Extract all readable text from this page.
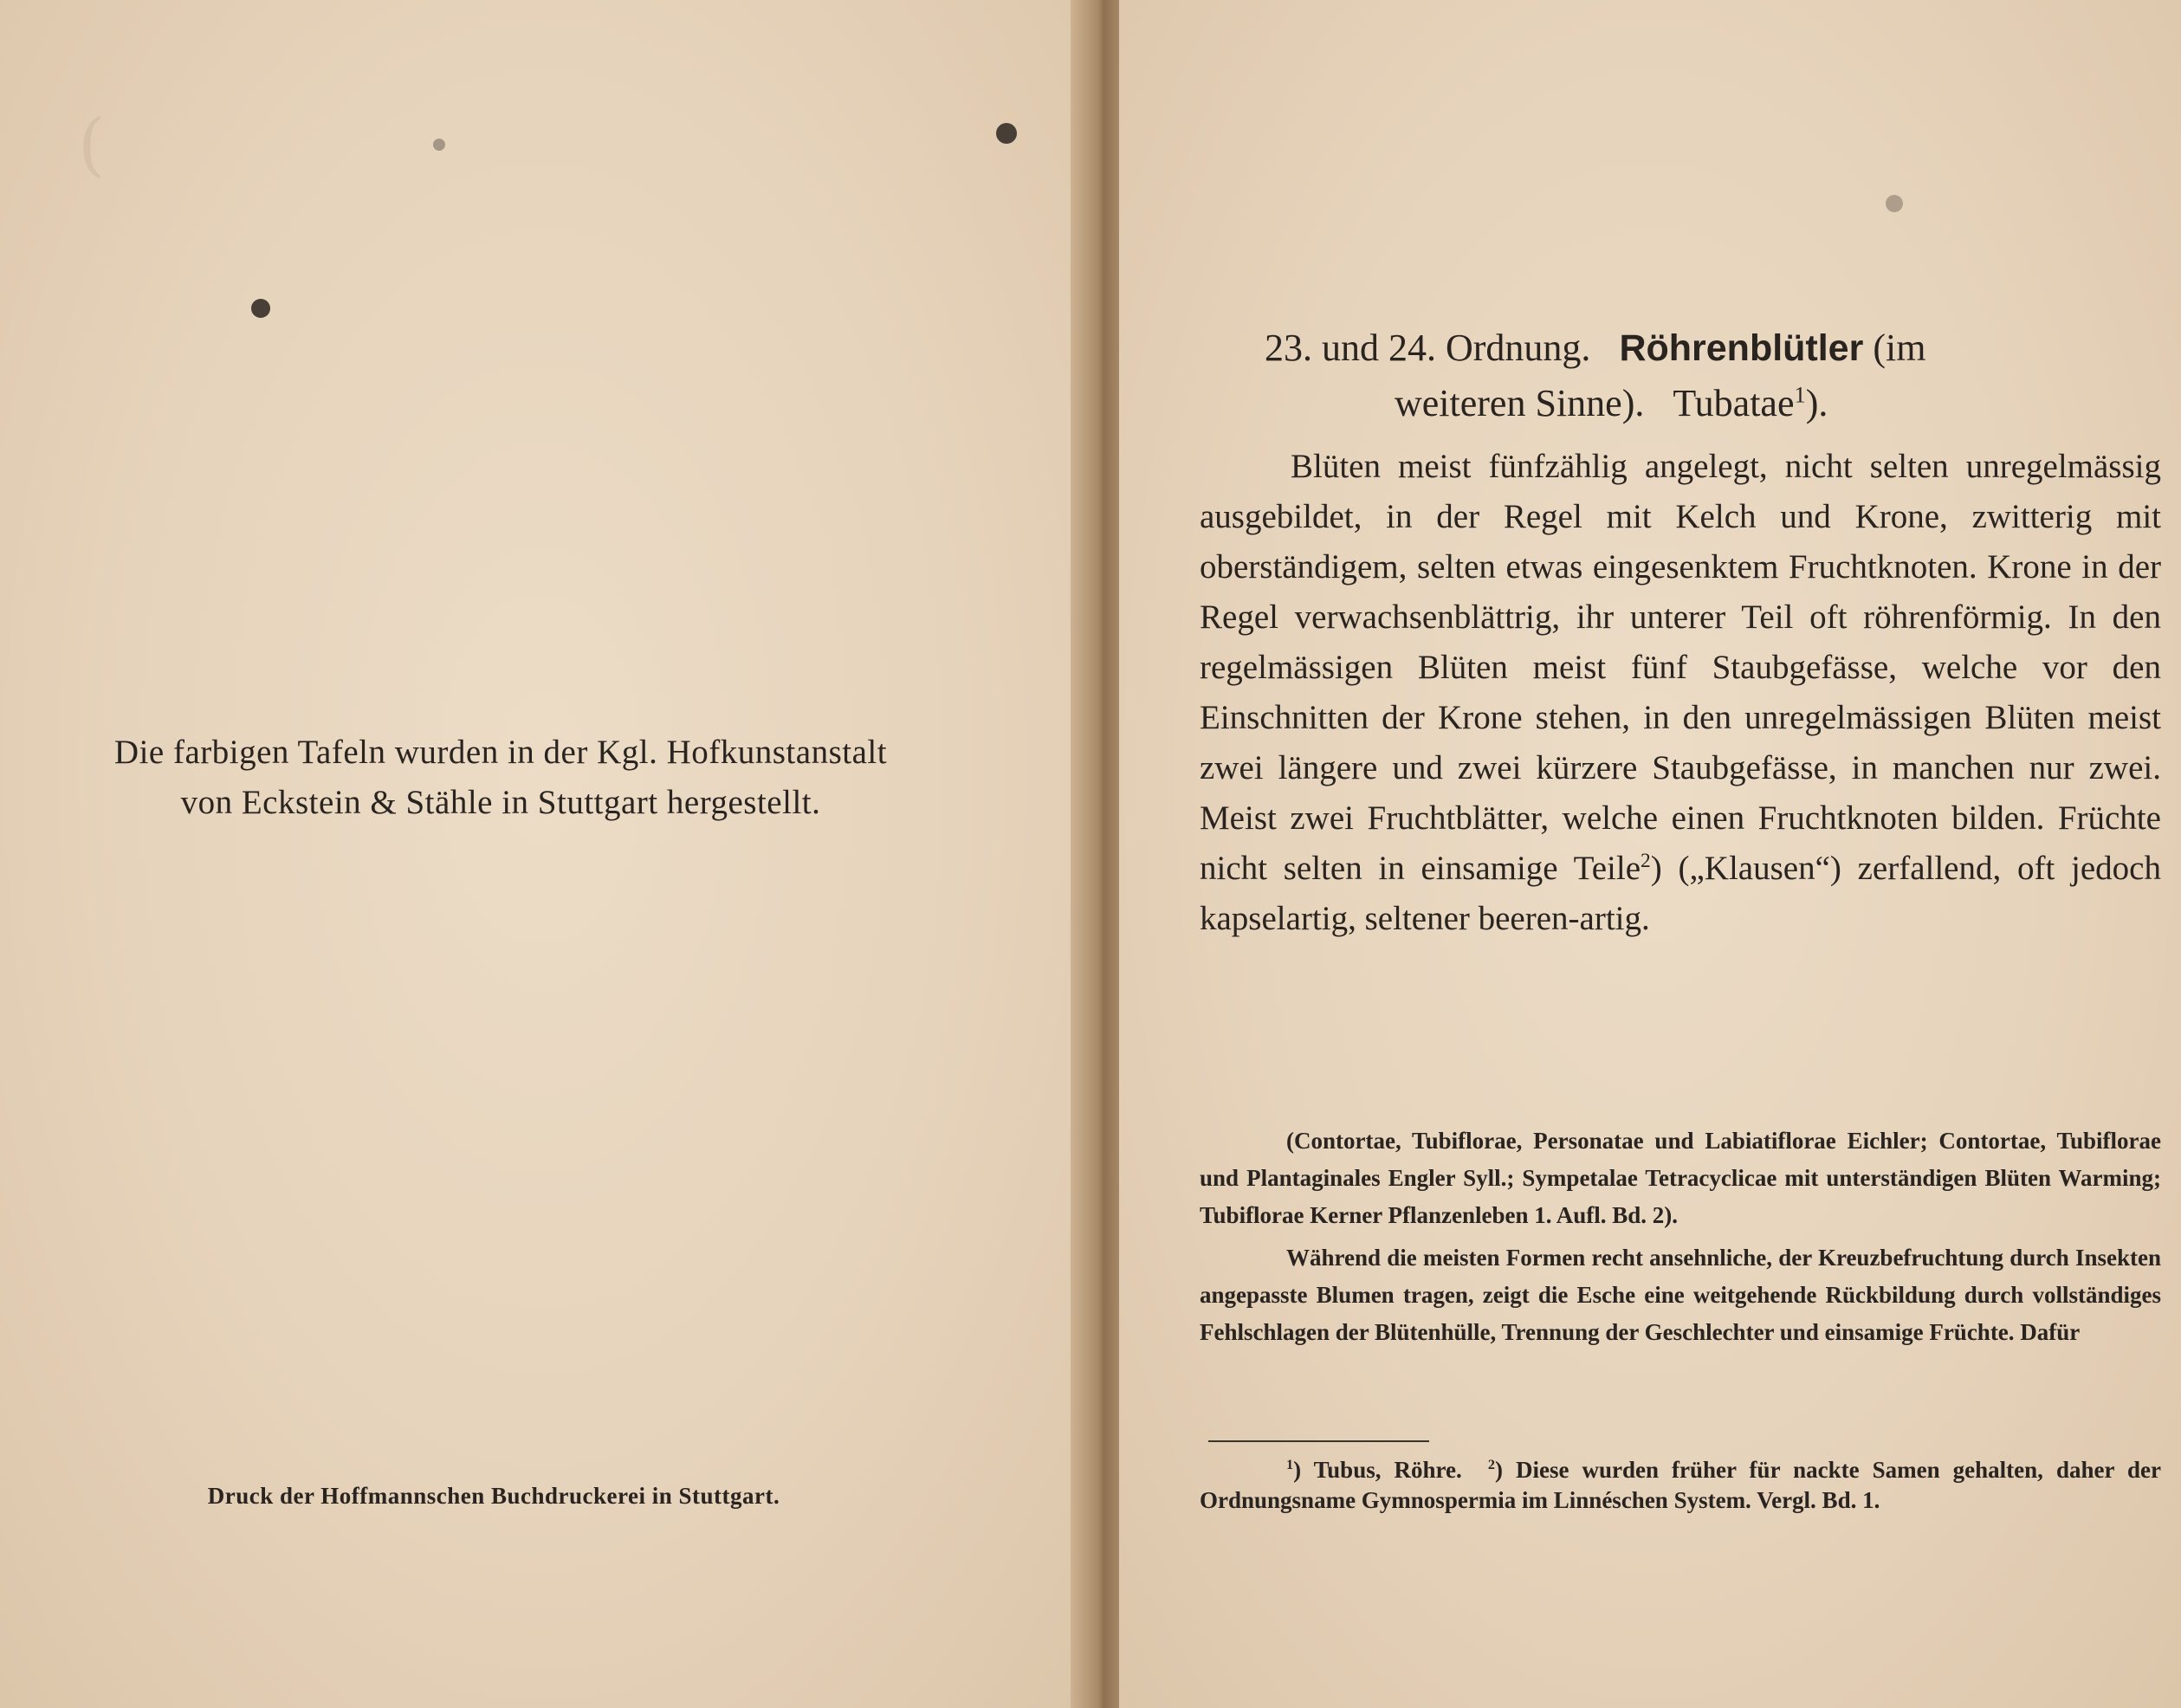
(
Die farbigen Tafeln wurden in der Kgl. Hofkunstanstalt
von Eckstein & Stähle in Stuttgart hergestellt.
Druck der Hoffmannschen Buchdruckerei in Stuttgart.
23. und 24. Ordnung. Röhrenblütler (im
weiteren Sinne). Tubatae$^1$).
Blüten meist fünfzählig angelegt, nicht selten unregelmässig ausgebildet, in der Regel mit Kelch und Krone, zwitterig mit oberständigem, selten etwas eingesenktem Fruchtknoten. Krone in der Regel verwachsenblättrig, ihr unterer Teil oft röhrenförmig. In den regelmässigen Blüten meist fünf Staubgefässe, welche vor den Einschnitten der Krone stehen, in den unregelmässigen Blüten meist zwei längere und zwei kürzere Staubgefässe, in manchen nur zwei. Meist zwei Fruchtblätter, welche einen Fruchtknoten bilden. Früchte nicht selten in einsamige Teile$^2$) („Klausen“) zerfallend, oft jedoch kapselartig, seltener beeren-artig.

(Contortae, Tubiflorae, Personatae und Labiatiflorae Eichler; Contortae, Tubiflorae und Plantaginales Engler Syll.; Sympetalae Tetracyclicae mit unterständigen Blüten Warming; Tubiflorae Kerner Pflanzenleben 1. Aufl. Bd. 2).

Während die meisten Formen recht ansehnliche, der Kreuzbefruchtung durch Insekten angepasste Blumen tragen, zeigt die Esche eine weitgehende Rückbildung durch vollständiges Fehlschlagen der Blütenhülle, Trennung der Geschlechter und einsamige Früchte. Dafür

$^1$) Tubus, Röhre. $^2$) Diese wurden früher für nackte Samen gehalten, daher der Ordnungsname Gymnospermia im Linnéschen System. Vergl. Bd. 1.
